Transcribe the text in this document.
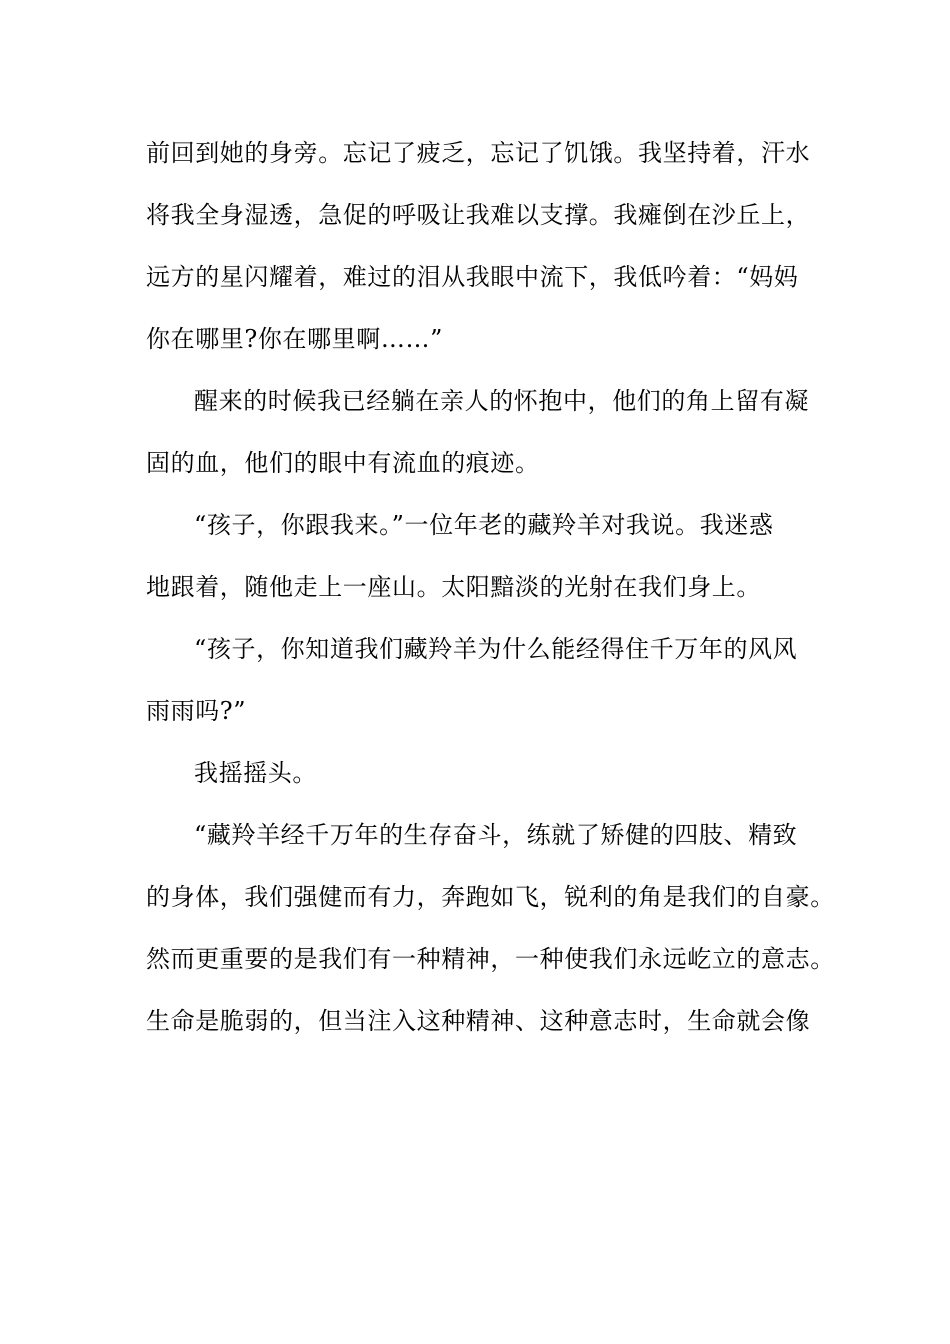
前回到她的身旁。忘记了疲乏，忘记了饥饿。我坚持着，汗水
将我全身湿透，急促的呼吸让我难以支撑。我瘫倒在沙丘上，
远方的星闪耀着，难过的泪从我眼中流下，我低吟着：“妈妈
你在哪里?你在哪里啊……”
醒来的时候我已经躺在亲人的怀抱中，他们的角上留有凝
固的血，他们的眼中有流血的痕迹。
“孩子，你跟我来。”一位年老的藏羚羊对我说。我迷惑
地跟着，随他走上一座山。太阳黯淡的光射在我们身上。
“孩子，你知道我们藏羚羊为什么能经得住千万年的风风
雨雨吗?”
我摇摇头。
“藏羚羊经千万年的生存奋斗，练就了矫健的四肢、精致
的身体，我们强健而有力，奔跑如飞，锐利的角是我们的自豪。
然而更重要的是我们有一种精神，一种使我们永远屹立的意志。
生命是脆弱的，但当注入这种精神、这种意志时，生命就会像
